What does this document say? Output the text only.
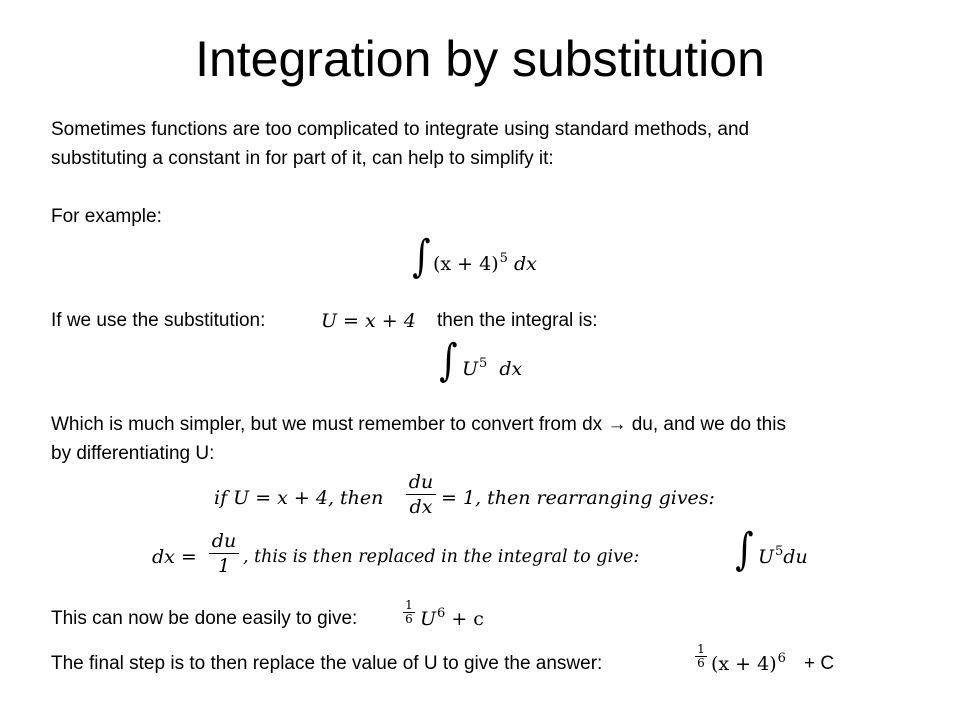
Integration by substitution
Sometimes functions are too complicated to integrate using standard methods, and
substituting a constant in for part of it, can help to simplify it:
For example:
∫ $(x + 4)^5$ dx
If we use the substitution:	U = x + 4 then the integral is:
∫ $U^5$ dx
Which is much simpler, but we must remember to convert from dx → du, and we do this
by differentiating U:
if U = x + 4, then
du
dx = 1, then rearranging gives:
dx =
du
1 , this is then replaced in the integral to give: ∫ $U^5du$
This can now be done easily to give:
1
6 $U^6 + c$
The final step is to then replace the value of U to give the answer:
1
6 $(x + 4)^6 + C$
